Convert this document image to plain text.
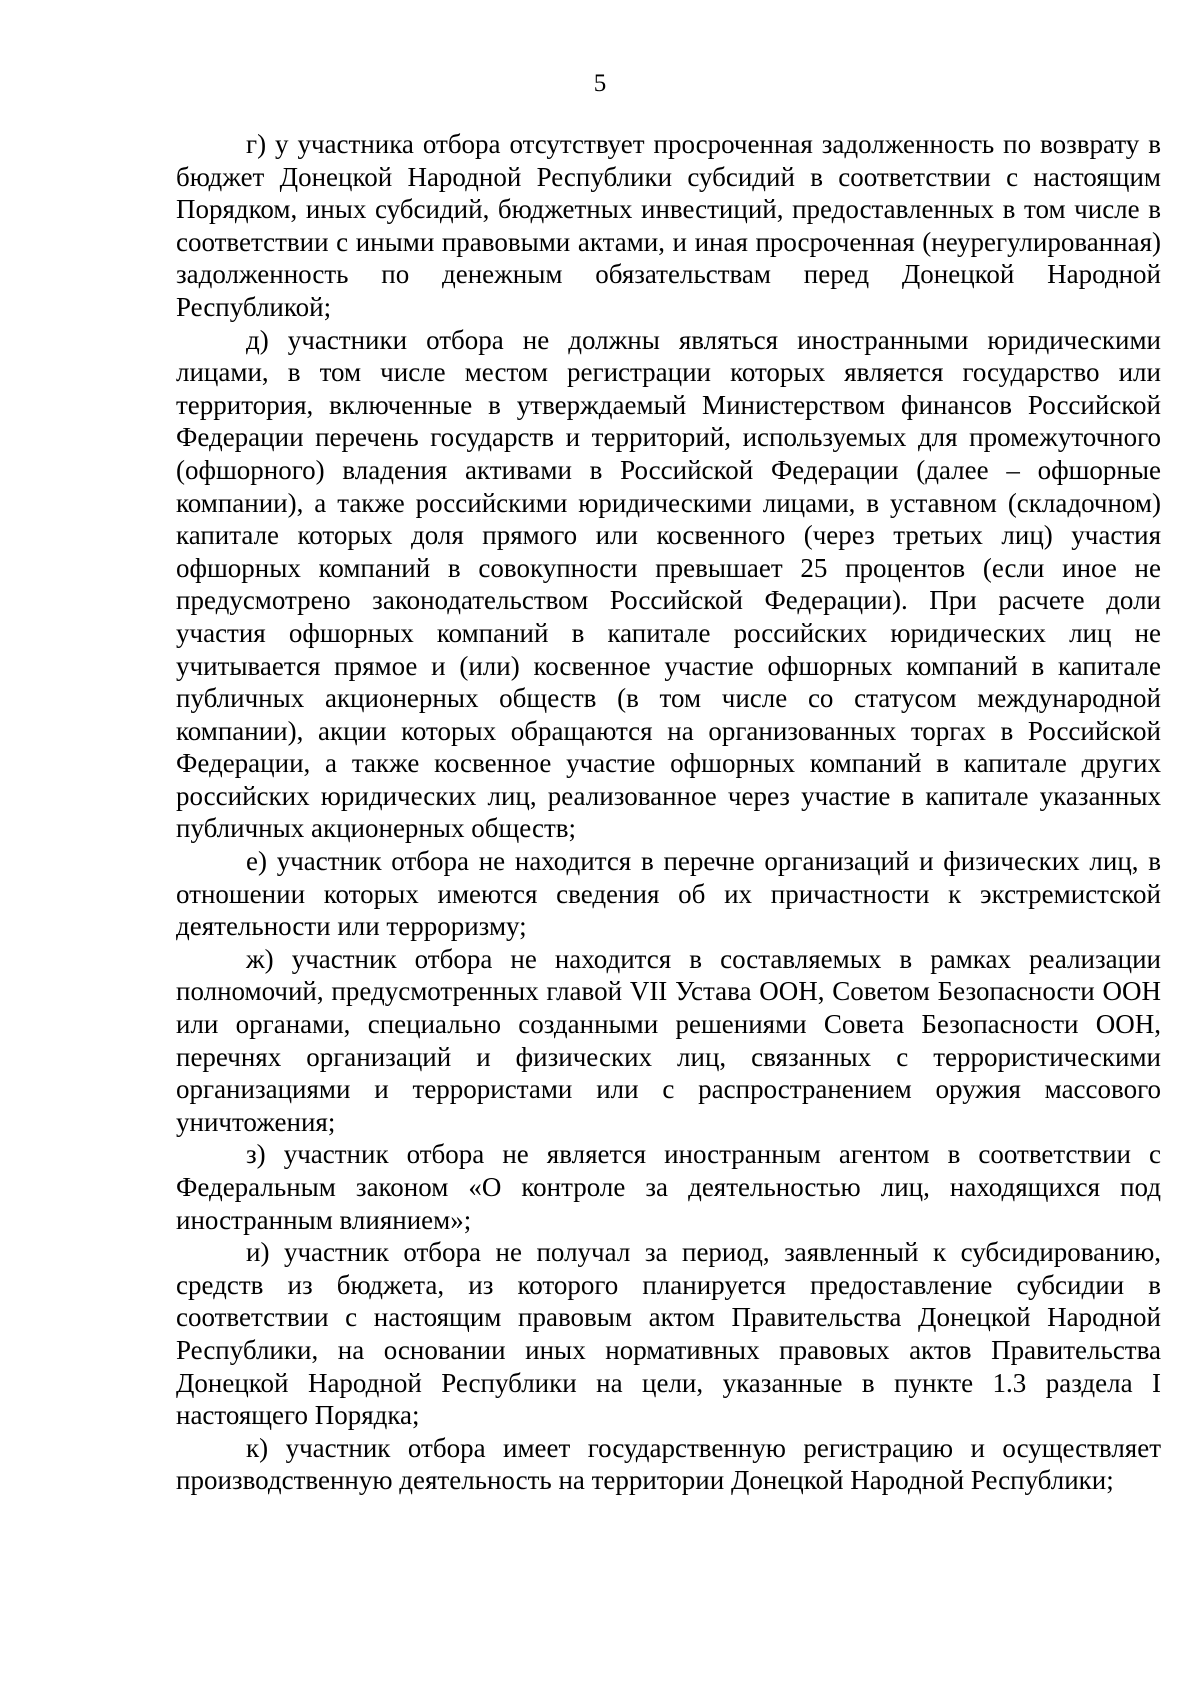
5

г) у участника отбора отсутствует просроченная задолженность по возврату в бюджет Донецкой Народной Республики субсидий в соответствии с настоящим Порядком, иных субсидий, бюджетных инвестиций, предоставленных в том числе в соответствии с иными правовыми актами, и иная просроченная (неурегулированная) задолженность по денежным обязательствам перед Донецкой Народной Республикой;

д) участники отбора не должны являться иностранными юридическими лицами, в том числе местом регистрации которых является государство или территория, включенные в утверждаемый Министерством финансов Российской Федерации перечень государств и территорий, используемых для промежуточного (офшорного) владения активами в Российской Федерации (далее – офшорные компании), а также российскими юридическими лицами, в уставном (складочном) капитале которых доля прямого или косвенного (через третьих лиц) участия офшорных компаний в совокупности превышает 25 процентов (если иное не предусмотрено законодательством Российской Федерации). При расчете доли участия офшорных компаний в капитале российских юридических лиц не учитывается прямое и (или) косвенное участие офшорных компаний в капитале публичных акционерных обществ (в том числе со статусом международной компании), акции которых обращаются на организованных торгах в Российской Федерации, а также косвенное участие офшорных компаний в капитале других российских юридических лиц, реализованное через участие в капитале указанных публичных акционерных обществ;

е) участник отбора не находится в перечне организаций и физических лиц, в отношении которых имеются сведения об их причастности к экстремистской деятельности или терроризму;

ж) участник отбора не находится в составляемых в рамках реализации полномочий, предусмотренных главой VII Устава ООН, Советом Безопасности ООН или органами, специально созданными решениями Совета Безопасности ООН, перечнях организаций и физических лиц, связанных с террористическими организациями и террористами или с распространением оружия массового уничтожения;

з) участник отбора не является иностранным агентом в соответствии с Федеральным законом «О контроле за деятельностью лиц, находящихся под иностранным влиянием»;

и) участник отбора не получал за период, заявленный к субсидированию, средств из бюджета, из которого планируется предоставление субсидии в соответствии с настоящим правовым актом Правительства Донецкой Народной Республики, на основании иных нормативных правовых актов Правительства Донецкой Народной Республики на цели, указанные в пункте 1.3 раздела I настоящего Порядка;

к) участник отбора имеет государственную регистрацию и осуществляет производственную деятельность на территории Донецкой Народной Республики;
